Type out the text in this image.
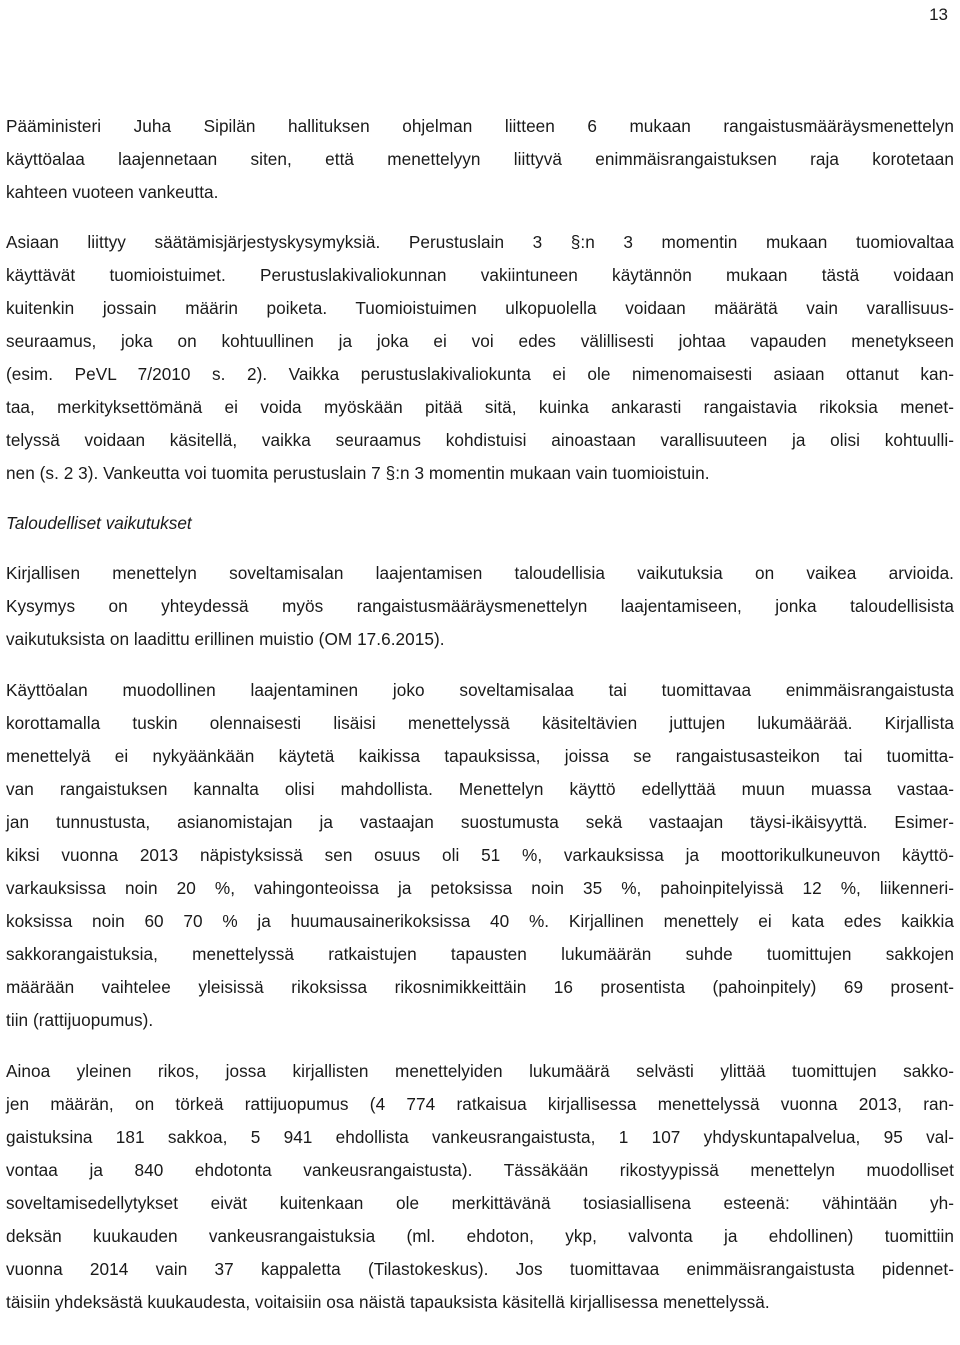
13

Pääministeri Juha Sipilän hallituksen ohjelman liitteen 6 mukaan rangaistusmääräysmenettelyn
käyttöalaa laajennetaan siten, että menettelyyn liittyvä enimmäisrangaistuksen raja korotetaan
kahteen vuoteen vankeutta.

Asiaan liittyy säätämisjärjestyskysymyksiä. Perustuslain 3 §:n 3 momentin mukaan tuomiovaltaa
käyttävät tuomioistuimet. Perustuslakivaliokunnan vakiintuneen käytännön mukaan tästä voidaan
kuitenkin jossain määrin poiketa. Tuomioistuimen ulkopuolella voidaan määrätä vain varallisuus-
seuraamus, joka on kohtuullinen ja joka ei voi edes välillisesti johtaa vapauden menetykseen
(esim. PeVL 7/2010 s. 2). Vaikka perustuslakivaliokunta ei ole nimenomaisesti asiaan ottanut kan-
taa, merkityksettömänä ei voida myöskään pitää sitä, kuinka ankarasti rangaistavia rikoksia menet-
telyssä voidaan käsitellä, vaikka seuraamus kohdistuisi ainoastaan varallisuuteen ja olisi kohtuulli-
nen (s. 2 3). Vankeutta voi tuomita perustuslain 7 §:n 3 momentin mukaan vain tuomioistuin.

Taloudelliset vaikutukset

Kirjallisen menettelyn soveltamisalan laajentamisen taloudellisia vaikutuksia on vaikea arvioida.
Kysymys on yhteydessä myös rangaistusmääräysmenettelyn laajentamiseen, jonka taloudellisista
vaikutuksista on laadittu erillinen muistio (OM 17.6.2015).

Käyttöalan muodollinen laajentaminen joko soveltamisalaa tai tuomittavaa enimmäisrangaistusta
korottamalla tuskin olennaisesti lisäisi menettelyssä käsiteltävien juttujen lukumäärää. Kirjallista
menettelyä ei nykyäänkään käytetä kaikissa tapauksissa, joissa se rangaistusasteikon tai tuomitta-
van rangaistuksen kannalta olisi mahdollista. Menettelyn käyttö edellyttää muun muassa vastaa-
jan tunnustusta, asianomistajan ja vastaajan suostumusta sekä vastaajan täysi-ikäisyyttä. Esimer-
kiksi vuonna 2013 näpistyksissä sen osuus oli 51 %, varkauksissa ja moottorikulkuneuvon käyttö-
varkauksissa noin 20 %, vahingonteoissa ja petoksissa noin 35 %, pahoinpitelyissä 12 %, liikenneri-
koksissa noin 60 70 % ja huumausainerikoksissa 40 %. Kirjallinen menettely ei kata edes kaikkia
sakkorangaistuksia, menettelyssä ratkaistujen tapausten lukumäärän suhde tuomittujen sakkojen
määrään vaihtelee yleisissä rikoksissa rikosnimikkeittäin 16 prosentista (pahoinpitely) 69 prosent-
tiin (rattijuopumus).

Ainoa yleinen rikos, jossa kirjallisten menettelyiden lukumäärä selvästi ylittää tuomittujen sakko-
jen määrän, on törkeä rattijuopumus (4 774 ratkaisua kirjallisessa menettelyssä vuonna 2013, ran-
gaistuksina 181 sakkoa, 5 941 ehdollista vankeusrangaistusta, 1 107 yhdyskuntapalvelua, 95 val-
vontaa ja 840 ehdotonta vankeusrangaistusta). Tässäkään rikostyypissä menettelyn muodolliset
soveltamisedellytykset eivät kuitenkaan ole merkittävänä tosiasiallisena esteenä: vähintään yh-
deksän kuukauden vankeusrangaistuksia (ml. ehdoton, ykp, valvonta ja ehdollinen) tuomittiin
vuonna 2014 vain 37 kappaletta (Tilastokeskus). Jos tuomittavaa enimmäisrangaistusta pidennet-
täisiin yhdeksästä kuukaudesta, voitaisiin osa näistä tapauksista käsitellä kirjallisessa menettelyssä.
